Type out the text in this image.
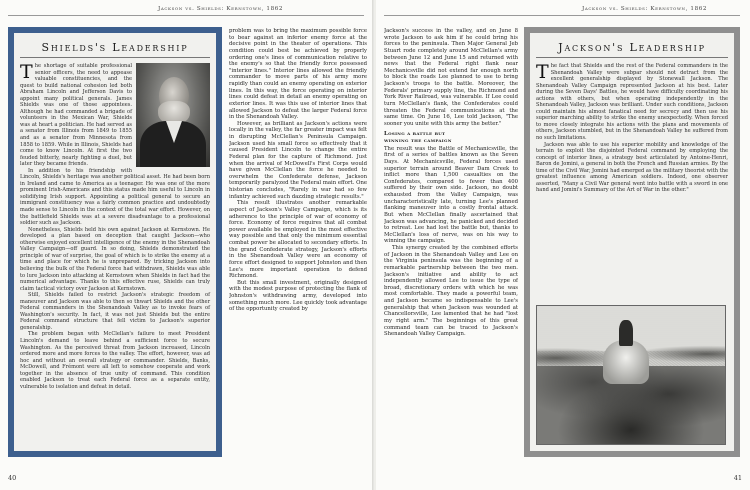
Jackson vs. Shields: Kernstown, 1862
Shields's Leadership

The shortage of suitable professional senior officers, the need to appease valuable constituencies, and the quest to build national cohesion led both Abraham Lincoln and Jefferson Davis to appoint many political generals. James Shields was one of those appointees. Although he had commanded a brigade of volunteers in the Mexican War, Shields was at heart a politician. He had served as a senator from Illinois from 1849 to 1855 and as a senator from Minnesota from 1858 to 1859. While in Illinois, Shields had come to know Lincoln. At first the two feuded bitterly, nearly fighting a duel, but later they became friends.

In addition to his friendship with Lincoln, Shields's heritage was another political asset. He had been born in Ireland and came to America as a teenager. He was one of the more prominent Irish-Americans and this status made him useful to Lincoln in solidifying Irish support. Appointing a political general to secure an immigrant constituency was a fairly common practice and undoubtedly made sense to Lincoln in the context of the total war effort. However, on the battlefield Shields was at a severe disadvantage to a professional soldier such as Jackson.

Nonetheless, Shields held his own against Jackson at Kernstown. He developed a plan based on deception that caught Jackson—who otherwise enjoyed excellent intelligence of the enemy in the Shenandoah Valley Campaign—off guard. In so doing, Shields demonstrated the principle of war of surprise, the goal of which is to strike the enemy at a time and place for which he is unprepared. By tricking Jackson into believing the bulk of the Federal force had withdrawn, Shields was able to lure Jackson into attacking at Kernstown when Shields in fact had the numerical advantage. Thanks to this effective ruse, Shields can truly claim tactical victory over Jackson at Kernstown.

Still, Shields failed to restrict Jackson's strategic freedom of maneuver and Jackson was able to then so thwart Shields and the other Federal commanders in the Shenandoah Valley as to invoke fears of Washington's security. In fact, it was not just Shields but the entire Federal command structure that fell victim to Jackson's superior generalship.

The problem began with McClellan's failure to meet President Lincoln's demand to leave behind a sufficient force to secure Washington. As the perceived threat from Jackson increased, Lincoln ordered more and more forces to the valley. The effort, however, was ad hoc and without an overall strategy or commander. Shields, Banks, McDowell, and Frémont were all left to somehow cooperate and work together in the absence of true unity of command. This condition enabled Jackson to treat each Federal force as a separate entity, vulnerable to isolation and defeat in detail.

problem was to bring the maximum possible force to bear against an inferior enemy force at the decisive point in the theater of operations. This condition could best be achieved by properly ordering one's lines of communication relative to the enemy's so that the friendly force possessed "interior lines." Interior lines allowed the friendly commander to move parts of his army more rapidly than could an enemy operating on exterior lines. In this way, the force operating on interior lines could defeat in detail an enemy operating on exterior lines. It was this use of interior lines that allowed Jackson to defeat the larger Federal force in the Shenandoah Valley.

However, as brilliant as Jackson's actions were locally in the valley, the far greater impact was felt in disrupting McClellan's Peninsula Campaign. Jackson used his small force so effectively that it caused President Lincoln to change the entire Federal plan for the capture of Richmond. Just when the arrival of McDowell's First Corps would have given McClellan the force he needed to overwhelm the Confederate defense, Jackson temporarily paralyzed the Federal main effort. One historian concludes, "Rarely in war had so few infantry achieved such dazzling strategic results."

This result illustrates another remarkable aspect of Jackson's Valley Campaign, which is its adherence to the principle of war of economy of force. Economy of force requires that all combat power available be employed in the most effective way possible and that only the minimum essential combat power be allocated to secondary efforts. In the grand Confederate strategy, Jackson's efforts in the Shenandoah Valley were an economy of force effort designed to support Johnston and then Lee's more important operation to defend Richmond.

But this small investment, originally designed with the modest purpose of protecting the flank of Johnston's withdrawing army, developed into something much more. Lee quickly took advantage of the opportunity created by

40
Jackson vs. Shields: Kernstown, 1862

Jackson's success in the valley, and on June 8 wrote Jackson to ask him if he could bring his forces to the peninsula. Then Major General Jeb Stuart rode completely around McClellan's army between June 12 and June 15 and returned with news that the Federal right flank near Mechanicsville did not extend far enough north to block the roads Lee planned to use to bring Jackson's troops to the battle. Moreover, the Federals' primary supply line, the Richmond and York River Railroad, was vulnerable. If Lee could turn McClellan's flank, the Confederates could threaten the Federal communications at the same time. On June 16, Lee told Jackson, "The sooner you unite with this army the better."

Losing a battle but
winning the campaign

The result was the Battle of Mechanicsville, the first of a series of battles known as the Seven Days. At Mechanicsville, Federal forces used superior terrain around Beaver Dam Creek to inflict more than 1,500 casualties on the Confederates, compared to fewer than 400 suffered by their own side. Jackson, no doubt exhausted from the Valley Campaign, was uncharacteristically late, turning Lee's planned flanking maneuver into a costly frontal attack. But when McClellan finally ascertained that Jackson was advancing, he panicked and decided to retreat. Lee had lost the battle but, thanks to McClellan's loss of nerve, was on his way to winning the campaign.

This synergy created by the combined efforts of Jackson in the Shenandoah Valley and Lee on the Virginia peninsula was the beginning of a remarkable partnership between the two men. Jackson's initiative and ability to act independently allowed Lee to issue the type of broad, discretionary orders with which he was most comfortable. They made a powerful team, and Jackson became so indispensable to Lee's generalship that when Jackson was wounded at Chancellorsville, Lee lamented that he had "lost my right arm." The beginnings of this great command team can be traced to Jackson's Shenandoah Valley Campaign.

Jackson's Leadership

The fact that Shields and the rest of the Federal commanders in the Shenandoah Valley were subpar should not detract from the excellent generalship displayed by Stonewall Jackson. The Shenandoah Valley Campaign represented Jackson at his best. Later during the Seven Days' Battles, he would have difficulty coordinating his actions with others, but when operating independently in the Shenandoah Valley, Jackson was brilliant. Under such conditions, Jackson could maintain his almost fanatical need for secrecy and then use his superior marching ability to strike the enemy unexpectedly. When forced to move closely integrate his actions with the plans and movements of others, Jackson stumbled, but in the Shenandoah Valley he suffered from no such limitations.

Jackson was able to use his superior mobility and knowledge of the terrain to exploit the disjointed Federal command by employing the concept of interior lines, a strategy best articulated by Antoine-Henri, Baron de Jomini, a general in both the French and Russian armies. By the time of the Civil War, Jomini had emerged as the military theorist with the greatest influence among American soldiers. Indeed, one observer asserted, "Many a Civil War general went into battle with a sword in one hand and Jomini's Summary of the Art of War in the other."

41
